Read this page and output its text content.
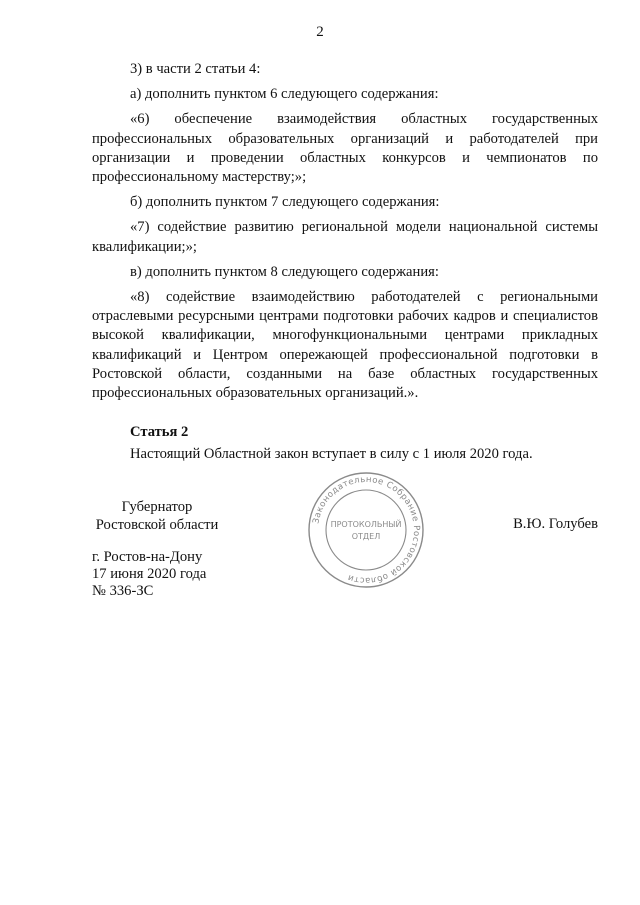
2

3) в части 2 статьи 4:

а) дополнить пунктом 6 следующего содержания:

«6) обеспечение взаимодействия областных государственных профессиональных образовательных организаций и работодателей при организации и проведении областных конкурсов и чемпионатов по профессиональному мастерству;»;

б) дополнить пунктом 7 следующего содержания:

«7) содействие развитию региональной модели национальной системы квалификации;»;

в) дополнить пунктом 8 следующего содержания:

«8) содействие взаимодействию работодателей с региональными отраслевыми ресурсными центрами подготовки рабочих кадров и специалистов высокой квалификации, многофункциональными центрами прикладных квалификаций и Центром опережающей профессиональной подготовки в Ростовской области, созданными на базе областных государственных профессиональных образовательных организаций.».

Статья 2
Настоящий Областной закон вступает в силу с 1 июля 2020 года.
Губернатор
Ростовской области	В.Ю. Голубев
г. Ростов-на-Дону
17 июня 2020 года
№ 336-ЗС
Законодательное Собрание Ростовской области
ПРОТОКОЛЬНЫЙ
ОТДЕЛ
